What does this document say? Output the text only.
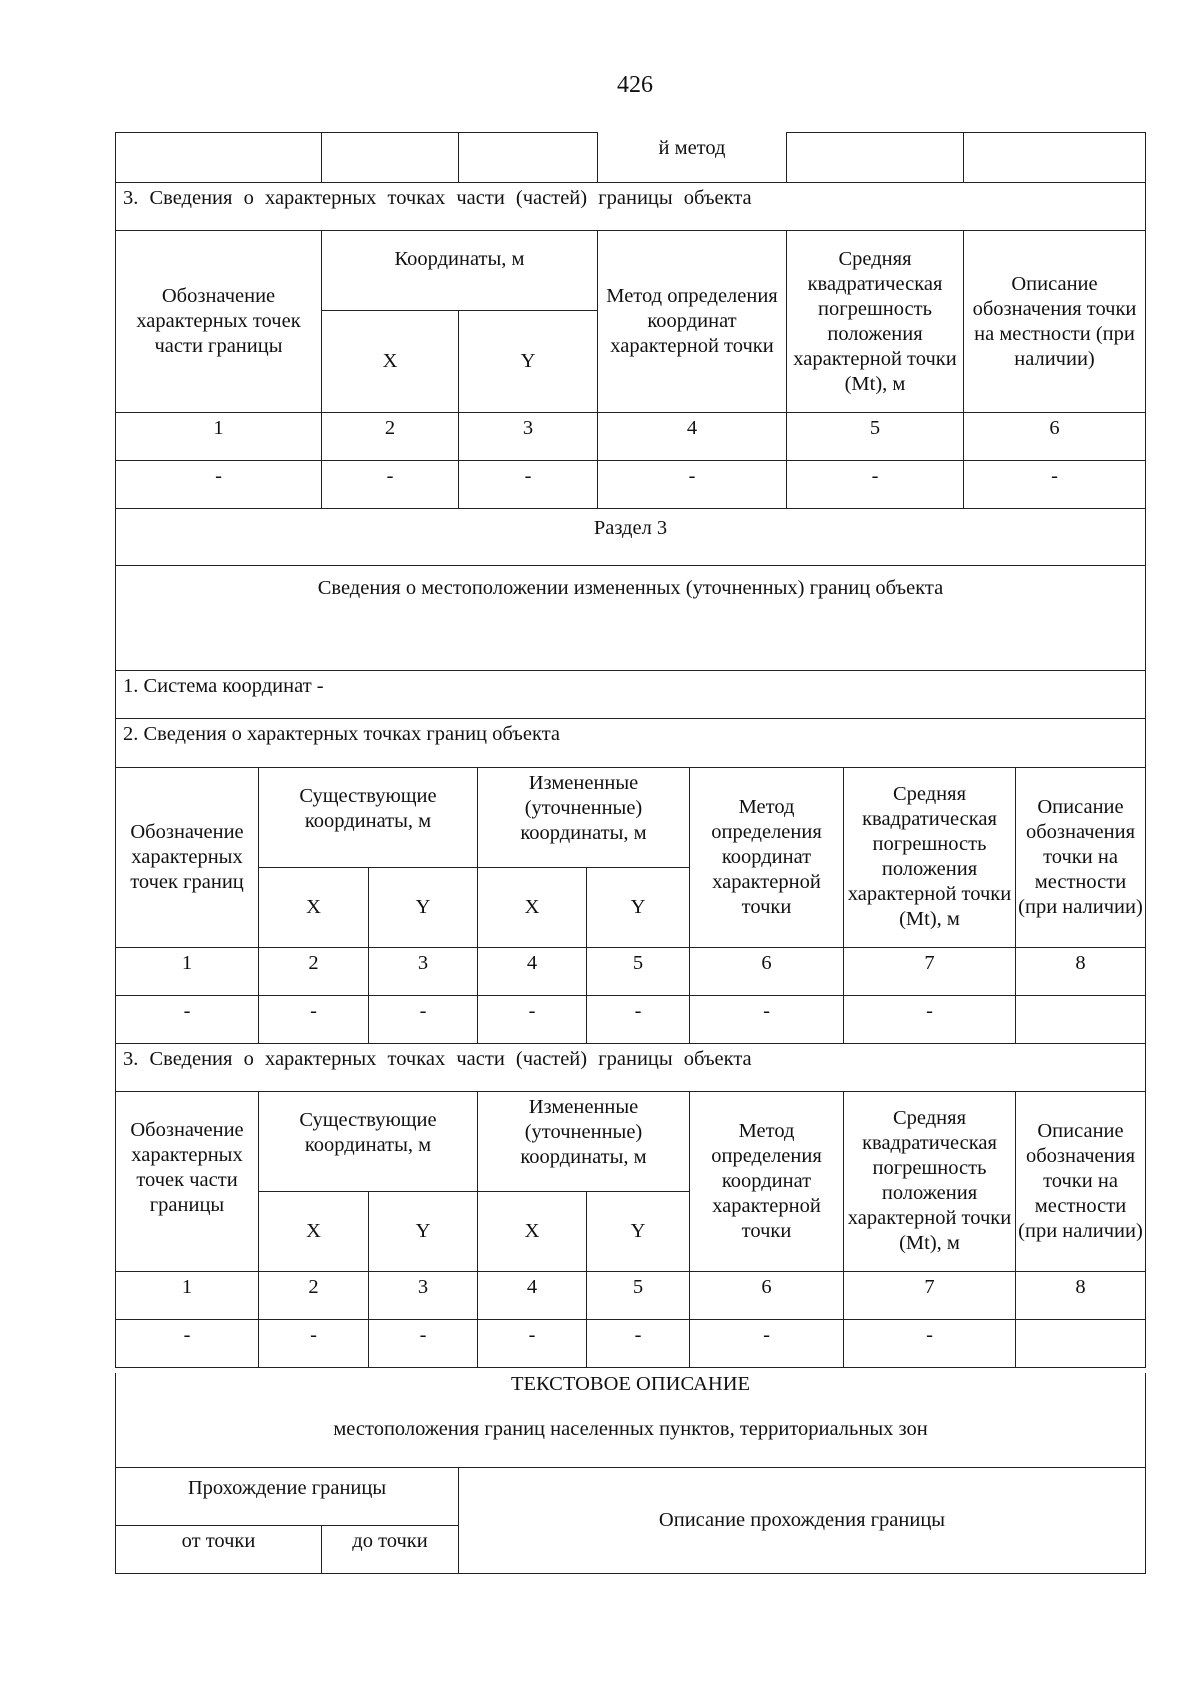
426
			й метод		
3. Сведения о характерных точках части (частей) границы объекта					
Обозначение характерных точек части границы	Координаты, м		Метод определения координат характерной точки	Средняя квадратическая погрешность положения характерной точки (Mt), м	Описание обозначения точки на местности (при наличии)
	X	Y			
1	2	3	4	5	6
-	-	-	-	-	-
Раздел 3							
Сведения о местоположении измененных (уточненных) границ объекта							
1. Система координат -							
2. Сведения о характерных точках границ объекта							
Обозначение характерных точек границ	Существующие координаты, м		Измененные (уточненные) координаты, м		Метод определения координат характерной точки	Средняя квадратическая погрешность положения характерной точки (Mt), м	Описание обозначения точки на местности (при наличии)
	X	Y	X	Y			
1	2	3	4	5	6	7	8
-	-	-	-	-	-	-	
3. Сведения о характерных точках части (частей) границы объекта							
Обозначение характерных точек части границы	Существующие координаты, м		Измененные (уточненные) координаты, м		Метод определения координат характерной точки	Средняя квадратическая погрешность положения характерной точки (Mt), м	Описание обозначения точки на местности (при наличии)
	X	Y	X	Y			
1	2	3	4	5	6	7	8
-	-	-	-	-	-	-	
ТЕКСТОВОЕ ОПИСАНИЕ
местоположения границ населенных пунктов, территориальных зон		

Прохождение границы		Описание прохождения границы
от точки	до точки	
